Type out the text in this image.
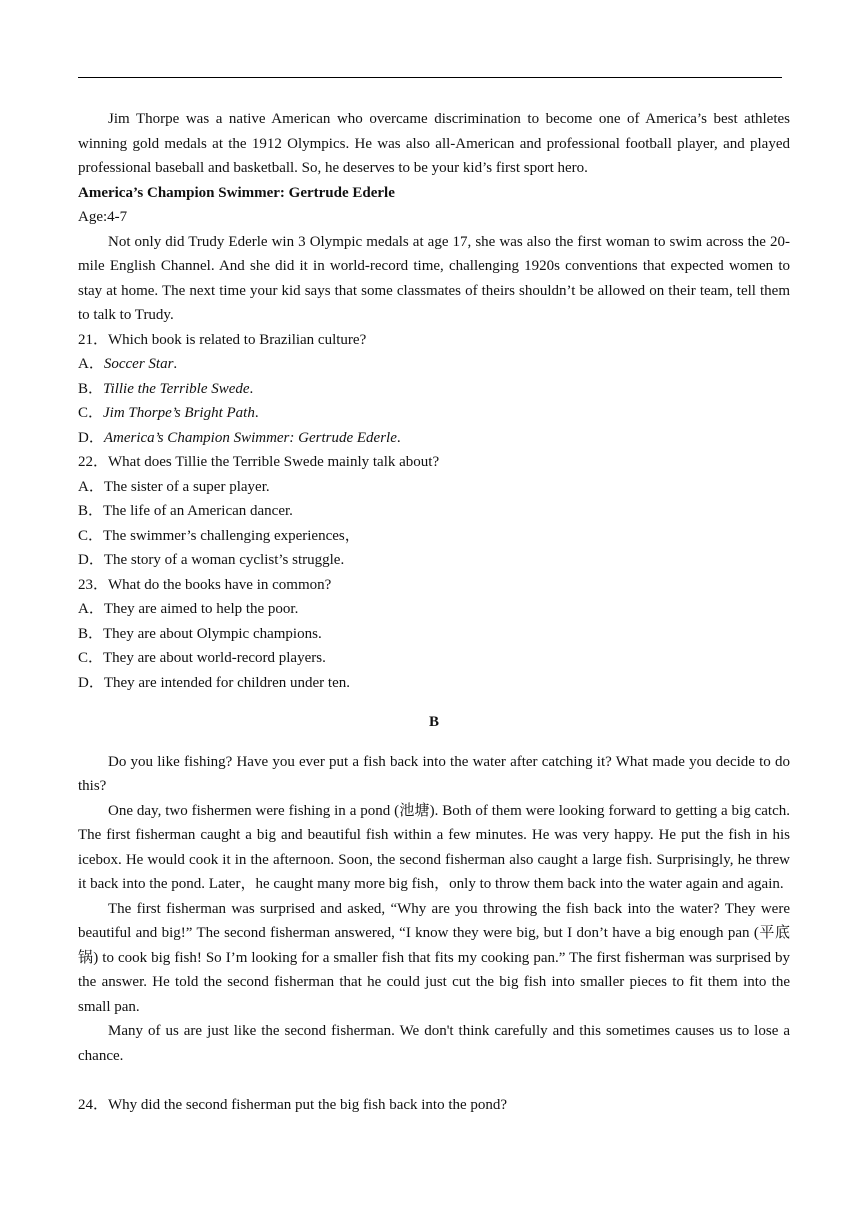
Jim Thorpe was a native American who overcame discrimination to become one of America’s best athletes winning gold medals at the 1912 Olympics. He was also all-American and professional football player, and played professional baseball and basketball. So, he deserves to be your kid’s first sport hero.

America’s Champion Swimmer: Gertrude Ederle

Age:4-7

Not only did Trudy Ederle win 3 Olympic medals at age 17, she was also the first woman to swim across the 20-mile English Channel. And she did it in world-record time, challenging 1920s conventions that expected women to stay at home. The next time your kid says that some classmates of theirs shouldn’t be allowed on their team, tell them to talk to Trudy.

21．Which book is related to Brazilian culture?

A．Soccer Star.

B．Tillie the Terrible Swede.

C．Jim Thorpe’s Bright Path.

D．America’s Champion Swimmer: Gertrude Ederle.

22．What does Tillie the Terrible Swede mainly talk about?

A．The sister of a super player.

B．The life of an American dancer.

C．The swimmer’s challenging experiences，

D．The story of a woman cyclist’s struggle.

23．What do the books have in common?

A．They are aimed to help the poor.

B．They are about Olympic champions.

C．They are about world-record players.

D．They are intended for children under ten.

B

Do you like fishing? Have you ever put a fish back into the water after catching it? What made you decide to do this?

One day, two fishermen were fishing in a pond (池塘). Both of them were looking forward to getting a big catch. The first fisherman caught a big and beautiful fish within a few minutes. He was very happy. He put the fish in his icebox. He would cook it in the afternoon. Soon, the second fisherman also caught a large fish. Surprisingly, he threw it back into the pond. Later，he caught many more big fish，only to throw them back into the water again and again.

The first fisherman was surprised and asked, “Why are you throwing the fish back into the water? They were beautiful and big!” The second fisherman answered, “I know they were big, but I don’t have a big enough pan (平底锅) to cook big fish! So I’m looking for a smaller fish that fits my cooking pan.” The first fisherman was surprised by the answer. He told the second fisherman that he could just cut the big fish into smaller pieces to fit them into the small pan.

Many of us are just like the second fisherman. We don't think carefully and this sometimes causes us to lose a chance.

24．Why did the second fisherman put the big fish back into the pond?
